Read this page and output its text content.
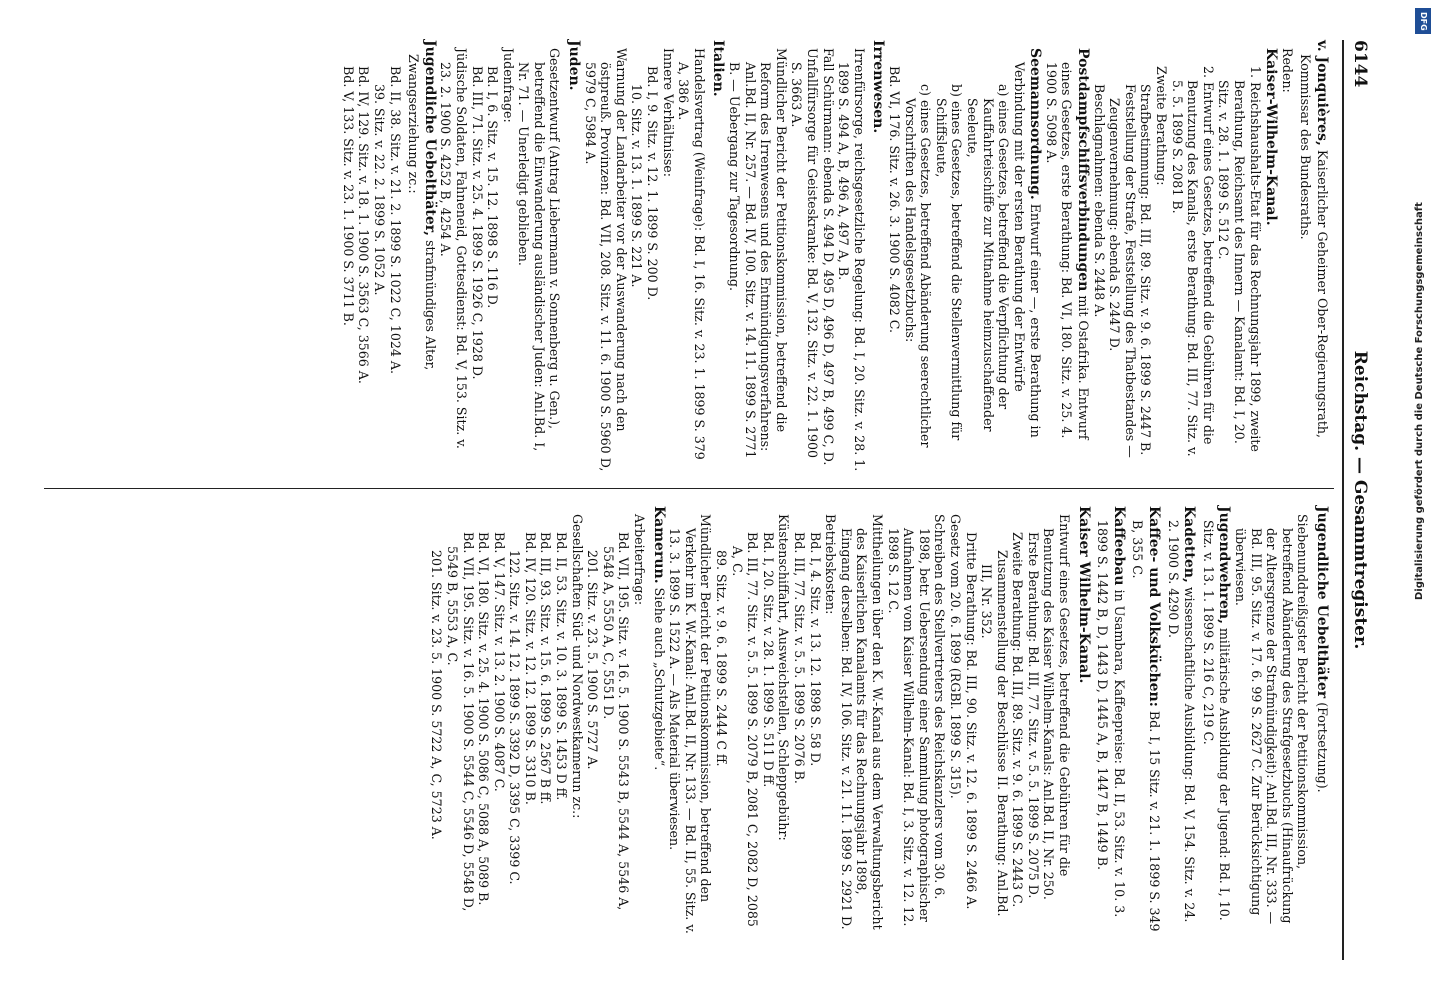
6144
Reichstag. — Gesammtregister.
v. Jonquières, Kaiserlicher Geheimer Ober-Regierungsrath, Kommissar des Bundesraths.
Reden:
Kaiser-Wilhelm-Kanal.
1. Reichshaushalts-Etat für das Rechnungsjahr 1899, zweite Berathung, Reichsamt des Innern — Kanalamt: Bd. I, 20. Sitz. v. 28. 1. 1899 S. 512 C.
2. Entwurf eines Gesetzes, betreffend die Gebühren für die Benutzung des Kanals, erste Berathung: Bd. III, 77. Sitz. v. 5. 5. 1899 S. 2081 B.
Zweite Berathung:
Strafbestimmung: Bd. III, 89. Sitz. v. 9. 6. 1899 S. 2447 B.
Feststellung der Strafe, Feststellung des Thatbestandes — Zeugenvernehmung: ebenda S. 2447 D.
Beschlagnahmen: ebenda S. 2448 A.
Postdampfschiffsverbindungen mit Ostafrika. Entwurf eines Gesetzes, erste Berathung: Bd. VI, 180. Sitz. v. 25. 4. 1900 S. 5098 A.
Seemannsordnung. Entwurf einer —, erste Berathung in Verbindung mit der ersten Berathung der Entwürfe
a) eines Gesetzes, betreffend die Verpflichtung der Kauffahrteischiffe zur Mitnahme heimzuschaffender Seeleute,
b) eines Gesetzes, betreffend die Stellenvermittlung für Schiffsleute,
c) eines Gesetzes, betreffend Abänderung seerechtlicher Vorschriften des Handelsgesetzbuchs:
Bd. VI, 176. Sitz. v. 26. 3. 1900 S. 4082 C.
Irrenwesen.
Irrenfürsorge, reichsgesetzliche Regelung: Bd. I, 20. Sitz. v. 28. 1. 1899 S. 494 A, B, 496 A, 497 A, B.
Fall Schürmann: ebenda S. 494 D, 495 D, 496 D, 497 B, 499 C, D.
Unfallfürsorge für Geisteskranke: Bd. V, 132. Sitz. v. 22. 1. 1900 S. 3663 A.
Mündlicher Bericht der Petitionskommission, betreffend die Reform des Irrenwesens und des Entmündigungsverfahrens: Anl.Bd. II, Nr. 257. — Bd. IV, 100. Sitz. v. 14. 11. 1899 S. 2771 B. — Uebergang zur Tagesordnung.
Italien.
Handelsvertrag (Weinfrage): Bd. I, 16. Sitz. v. 23. 1. 1899 S. 379 A, 386 A.
Innere Verhältnisse:
Bd. I, 9. Sitz. v. 12. 1. 1899 S. 200 D.
10. Sitz. v. 13. 1. 1899 S. 221 A.
Warnung der Landarbeiter vor der Auswanderung nach den östpreuß. Provinzen: Bd. VII, 208. Sitz. v. 11. 6. 1900 S. 5960 D, 5979 C, 5984 A.
Juden.
Gesetzentwurf (Antrag Liebermann v. Sonnenberg u. Gen.), betreffend die Einwanderung ausländischer Juden: Anl.Bd. I, Nr. 71. — Unerledigt geblieben.
Judenfrage:
Bd. I, 6. Sitz. v. 15. 12. 1898 S. 116 D.
Bd. III, 71. Sitz. v. 25. 4. 1899 S. 1926 C, 1928 D.
Jüdische Soldaten, Fahneneid, Gottesdienst: Bd. V, 153. Sitz. v. 23. 2. 1900 S. 4252 B, 4254 A.
Jugendliche Uebelthäter, strafmündiges Alter, Zwangserziehung zc.:
Bd. II, 38. Sitz. v. 21. 2. 1899 S. 1022 C, 1024 A.
39. Sitz. v. 22. 2. 1899 S. 1052 A.
Bd. IV, 129. Sitz. v. 18. 1. 1900 S. 3563 C, 3566 A.
Bd. V, 133. Sitz. v. 23. 1. 1900 S. 3711 B.
Jugendliche Uebelthäter (Fortsetzung).
Siebenunddreißigster Bericht der Petitionskommission, betreffend Abänderung des Strafgesetzbuchs (Hinaufrückung der Altersgrenze der Strafmündigkeit): Anl.Bd. III, Nr. 333. — Bd. III, 95. Sitz. v. 17. 6. 99 S. 2627 C. Zur Berücksichtigung überwiesen.
Jugendwehren, militärische Ausbildung der Jugend: Bd. I, 10. Sitz. v. 13. 1. 1899 S. 216 C, 219 C.
Kadetten, wissenschaftliche Ausbildung: Bd. V, 154. Sitz. v. 24. 2. 1900 S. 4290 D.
Kaffee- und Volksküchen: Bd. I, 15 Sitz. v. 21. 1. 1899 S. 349 B, 355 C.
Kaffeebau in Usambara, Kaffeepreise: Bd. II, 53. Sitz. v. 10. 3. 1899 S. 1442 B, D, 1443 D, 1445 A, B, 1447 B, 1449 B.
Kaiser Wilhelm-Kanal.
Entwurf eines Gesetzes, betreffend die Gebühren für die Benutzung des Kaiser Wilhelm-Kanals: Anl.Bd. II, Nr. 250.
Erste Berathung: Bd. III, 77. Sitz. v. 5. 5. 1899 S. 2075 D.
Zweite Berathung: Bd. III, 89. Sitz. v. 9. 6. 1899 S. 2443 C.
Zusammenstellung der Beschlüsse II. Berathung: Anl.Bd. III, Nr. 352.
Dritte Berathung: Bd. III, 90. Sitz. v. 12. 6. 1899 S. 2466 A.
Gesetz vom 20. 6. 1899 (RGBl. 1899 S. 315).
Schreiben des Stellvertreters des Reichskanzlers vom 30. 6. 1898, betr. Uebersendung einer Sammlung photographischer Aufnahmen vom Kaiser Wilhelm-Kanal: Bd. I, 3. Sitz. v. 12. 12. 1898 S. 12 C.
Mittheilungen über den K. W.-Kanal aus dem Verwaltungsbericht des Kaiserlichen Kanalamts für das Rechnungsjahr 1898, Eingang derselben: Bd. IV, 106. Sitz. v. 21. 11. 1899 S. 2921 D.
Betriebskosten:
Bd. I, 4. Sitz. v. 13. 12. 1898 S. 58 D.
Bd. III, 77. Sitz. v. 5. 5. 1899 S. 2076 B.
Küstenschiffahrt, Ausweichstellen, Schleppgebühr:
Bd. I, 20. Sitz. v. 28. 1. 1899 S. 511 D ff.
Bd. III, 77. Sitz. v. 5. 5. 1899 S. 2079 B, 2081 C, 2082 D, 2085 A, C.
89. Sitz. v. 9. 6. 1899 S. 2444 C ff.
Mündlicher Bericht der Petitionskommission, betreffend den Verkehr im K. W.-Kanal: Anl.Bd. II, Nr. 133. — Bd. II, 55. Sitz. v. 13. 3. 1899 S. 1522 A. — Als Material überwiesen.
Kamerun. Siehe auch „Schutzgebiete“.
Arbeiterfrage:
Bd. VII, 195. Sitz. v. 16. 5. 1900 S. 5543 B, 5544 A, 5546 A, 5548 A, 5550 A, C, 5551 D.
201. Sitz. v. 23. 5. 1900 S. 5727 A.
Gesellschaften Süd- und Nordwestkamerun zc.:
Bd. II, 53. Sitz. v. 10. 3. 1899 S. 1453 D ff.
Bd. III, 93. Sitz. v. 15. 6. 1899 S. 2567 B ff.
Bd. IV, 120. Sitz. v. 12. 12. 1899 S. 3310 B.
122. Sitz. v. 14. 12. 1899 S. 3392 D, 3395 C, 3399 C.
Bd. V, 147. Sitz. v. 13. 2. 1900 S. 4087 C.
Bd. VI, 180. Sitz. v. 25. 4. 1900 S. 5086 C, 5088 A, 5089 B.
Bd. VII, 195. Sitz. v. 16. 5. 1900 S. 5544 C, 5546 D, 5548 D, 5549 B, 5553 A, C.
201. Sitz. v. 23. 5. 1900 S. 5722 A, C, 5723 A.
DFG
Digitalisierung gefördert durch die Deutsche Forschungsgemeinschaft
